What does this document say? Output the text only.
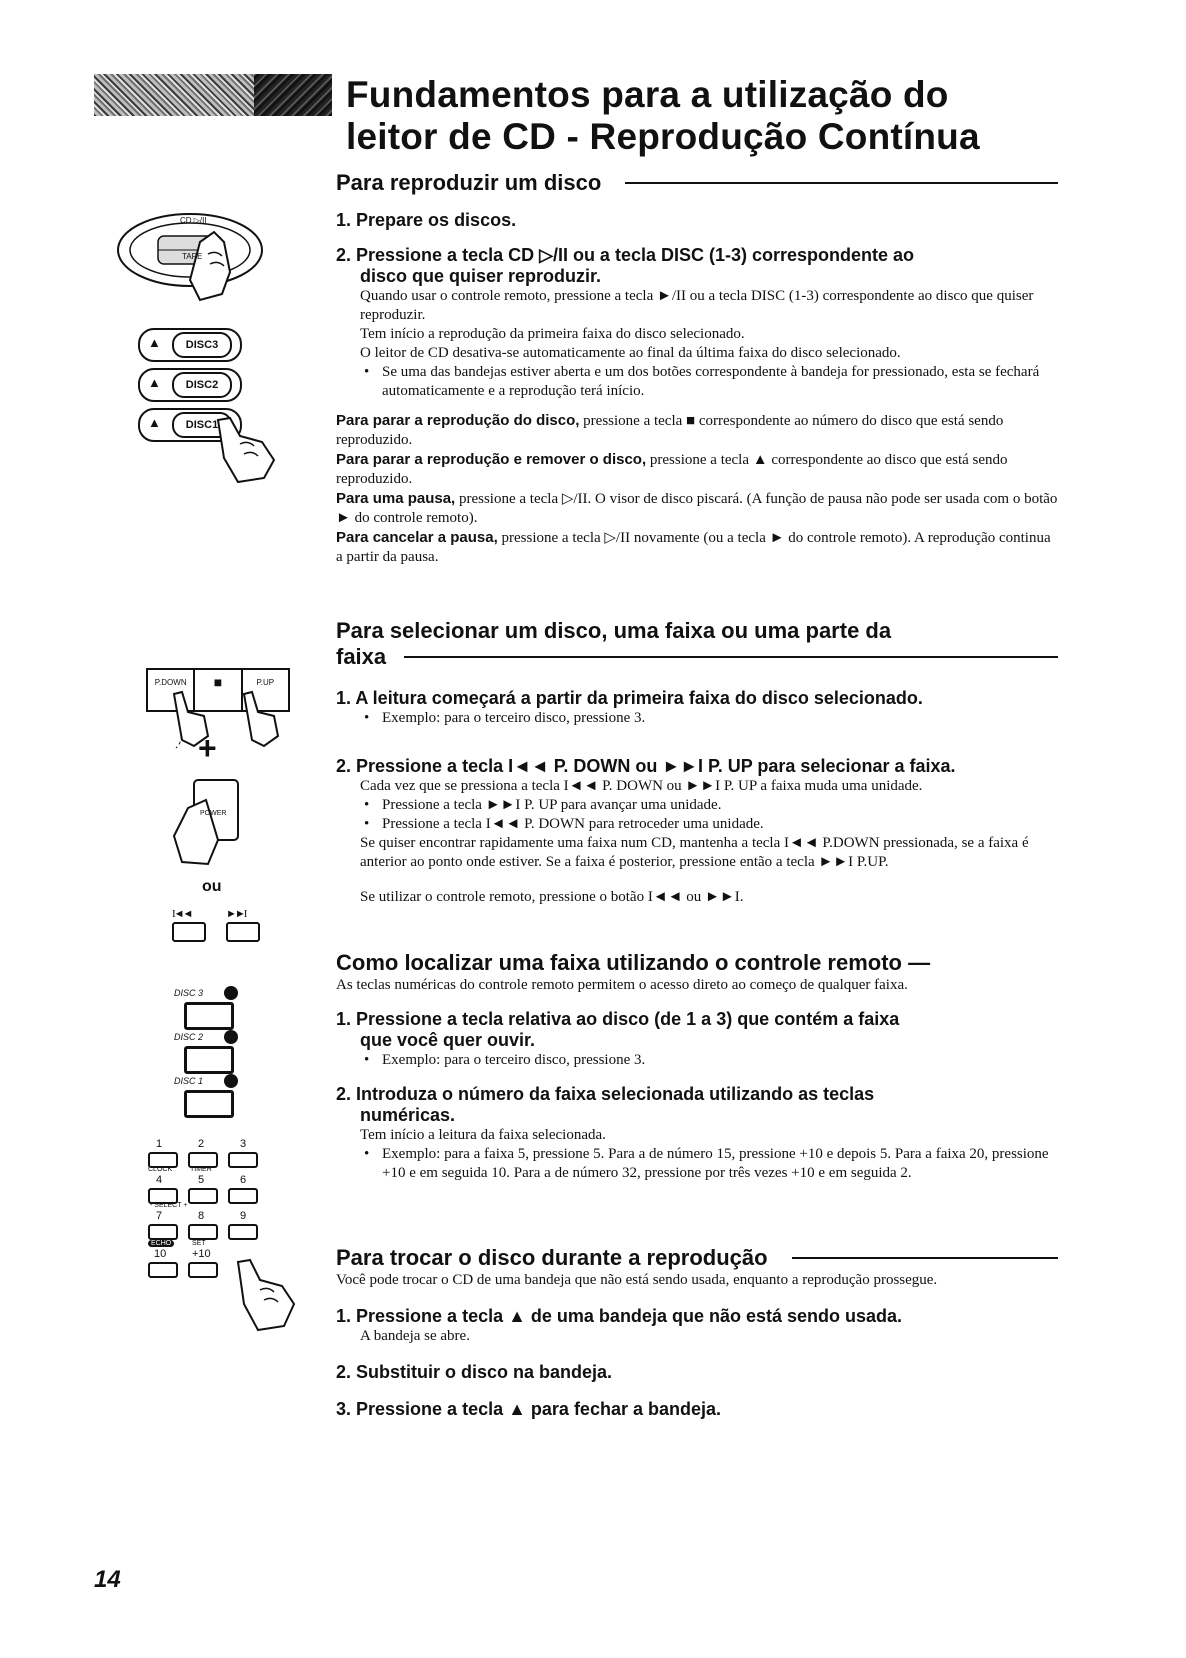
Fundamentos para a utilização do
leitor de CD - Reprodução Contínua
CD ▷/II
TAPE
▲	DISC3
▲	DISC2
▲	DISC1
P.DOWN	■	P.UP
+
POWER
ou
I◄◄	►►I
DISC 3
DISC 2
DISC 1
1	2	3
CLOCK	TIMER
4	5	6
- SELECT +
7	8	9
ECHO	SET
10 +10
Para reproduzir um disco

1. Prepare os discos.

2. Pressione a tecla CD ▷/II ou a tecla DISC (1-3) correspondente ao

disco que quiser reproduzir.

Quando usar o controle remoto, pressione a tecla ►/II ou a tecla DISC (1-3) correspondente ao disco que quiser reproduzir.

Tem início a reprodução da primeira faixa do disco selecionado.

O leitor de CD desativa-se automaticamente ao final da última faixa do disco selecionado.

• Se uma das bandejas estiver aberta e um dos botões correspondente à bandeja for pressionado, esta se fechará automaticamente e a reprodução terá início.

Para parar a reprodução do disco, pressione a tecla ■ correspondente ao número do disco que está sendo reproduzido.

Para parar a reprodução e remover o disco, pressione a tecla ▲ correspondente ao disco que está sendo reproduzido.

Para uma pausa, pressione a tecla ▷/II. O visor de disco piscará. (A função de pausa não pode ser usada com o botão ► do controle remoto).

Para cancelar a pausa, pressione a tecla ▷/II novamente (ou a tecla ► do controle remoto). A reprodução continua a partir da pausa.

Para selecionar um disco, uma faixa ou uma parte da
faixa

1. A leitura começará a partir da primeira faixa do disco selecionado.

• Exemplo: para o terceiro disco, pressione 3.

2. Pressione a tecla I◄◄ P. DOWN ou ►►I P. UP para selecionar a faixa.

Cada vez que se pressiona a tecla I◄◄ P. DOWN ou ►►I P. UP a faixa muda uma unidade.

• Pressione a tecla ►►I P. UP para avançar uma unidade.

• Pressione a tecla I◄◄ P. DOWN para retroceder uma unidade.

Se quiser encontrar rapidamente uma faixa num CD, mantenha a tecla I◄◄ P.DOWN pressionada, se a faixa é anterior ao ponto onde estiver. Se a faixa é posterior, pressione então a tecla ►►I P.UP.

Se utilizar o controle remoto, pressione o botão I◄◄ ou ►►I.

Como localizar uma faixa utilizando o controle remoto —

As teclas numéricas do controle remoto permitem o acesso direto ao começo de qualquer faixa.

1. Pressione a tecla relativa ao disco (de 1 a 3) que contém a faixa

que você quer ouvir.

• Exemplo: para o terceiro disco, pressione 3.

2. Introduza o número da faixa selecionada utilizando as teclas

numéricas.

Tem início a leitura da faixa selecionada.

• Exemplo: para a faixa 5, pressione 5. Para a de número 15, pressione +10 e depois 5. Para a faixa 20, pressione +10 e em seguida 10. Para a de número 32, pressione por três vezes +10 e em seguida 2.

Para trocar o disco durante a reprodução

Você pode trocar o CD de uma bandeja que não está sendo usada, enquanto a reprodução prossegue.

1. Pressione a tecla ▲ de uma bandeja que não está sendo usada.

A bandeja se abre.

2. Substituir o disco na bandeja.

3. Pressione a tecla ▲ para fechar a bandeja.

14
